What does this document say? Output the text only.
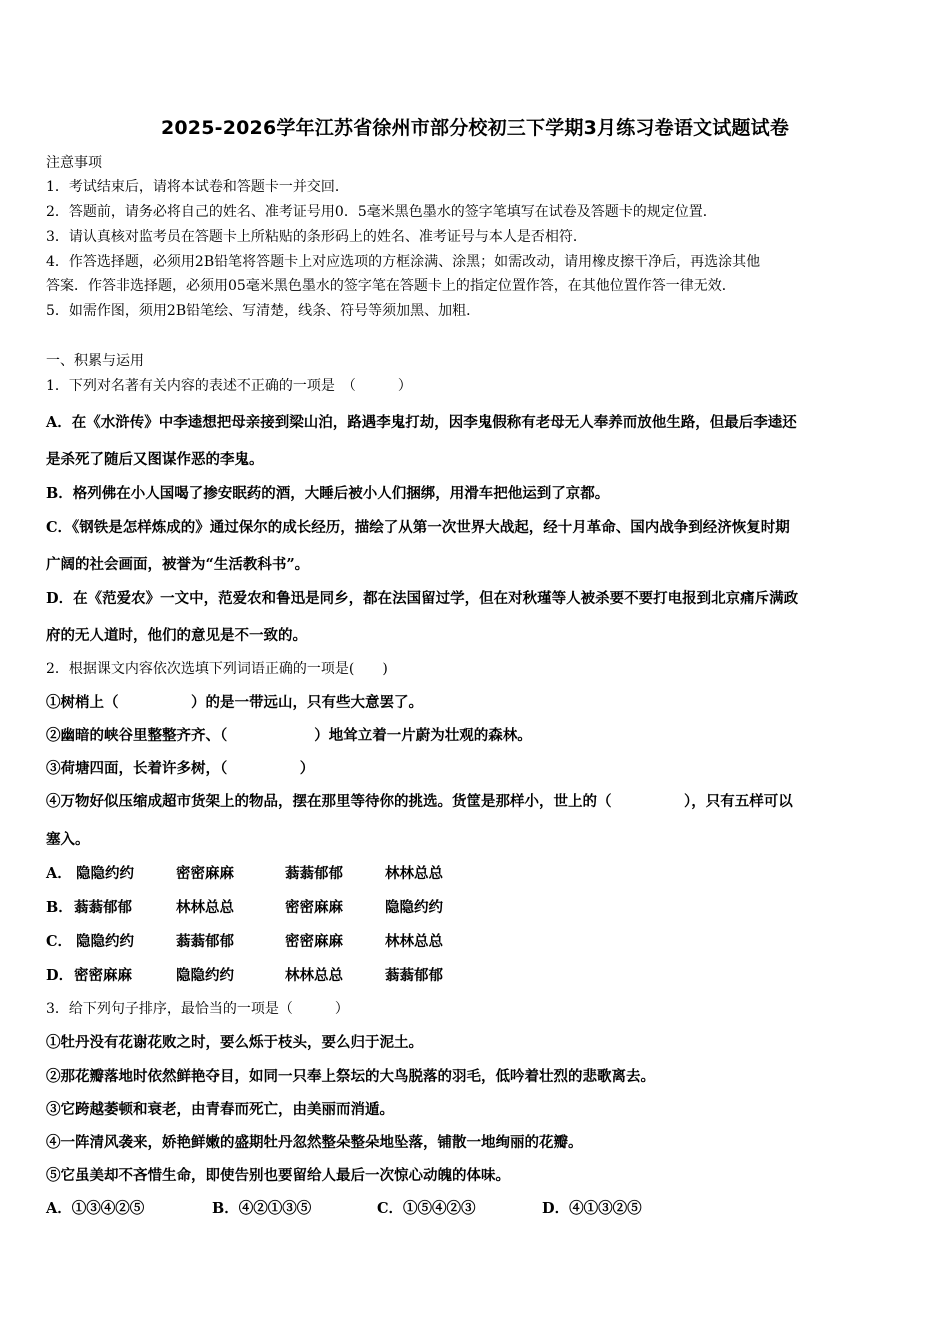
2025-2026学年江苏省徐州市部分校初三下学期3月练习卷语文试题试卷
注意事项
1．考试结束后，请将本试卷和答题卡一并交回．
2．答题前，请务必将自己的姓名、准考证号用0．5毫米黑色墨水的签字笔填写在试卷及答题卡的规定位置．
3．请认真核对监考员在答题卡上所粘贴的条形码上的姓名、准考证号与本人是否相符．
4．作答选择题，必须用2B铅笔将答题卡上对应选项的方框涂满、涂黑；如需改动，请用橡皮擦干净后，再选涂其他
答案．作答非选择题，必须用05毫米黑色墨水的签字笔在答题卡上的指定位置作答，在其他位置作答一律无效．
5．如需作图，须用2B铅笔绘、写清楚，线条、符号等须加黑、加粗．
一、积累与运用
1．下列对名著有关内容的表述不正确的一项是　（　　　）
A．在《水浒传》中李逵想把母亲接到梁山泊，路遇李鬼打劫，因李鬼假称有老母无人奉养而放他生路，但最后李逵还
是杀死了随后又图谋作恶的李鬼。
B．格列佛在小人国喝了掺安眠药的酒，大睡后被小人们捆绑，用滑车把他运到了京都。
C．《钢铁是怎样炼成的》通过保尔的成长经历，描绘了从第一次世界大战起，经十月革命、国内战争到经济恢复时期
广阔的社会画面，被誉为“生活教科书”。
D．在《范爱农》一文中，范爱农和鲁迅是同乡，都在法国留过学，但在对秋瑾等人被杀要不要打电报到北京痛斥满政
府的无人道时，他们的意见是不一致的。
2．根据课文内容依次选填下列词语正确的一项是(　　)
①树梢上（　　　　　）的是一带远山，只有些大意罢了。
②幽暗的峡谷里整整齐齐、（　　　　　　）地耸立着一片蔚为壮观的森林。
③荷塘四面，长着许多树，（　　　　　）
④万物好似压缩成超市货架上的物品，摆在那里等待你的挑选。货筐是那样小，世上的（　　　　　），只有五样可以
塞入。
A． 隐隐约约	密密麻麻	蓊蓊郁郁	林林总总
B． 蓊蓊郁郁	林林总总	密密麻麻	隐隐约约
C． 隐隐约约	蓊蓊郁郁	密密麻麻	林林总总
D． 密密麻麻	隐隐约约	林林总总	蓊蓊郁郁
3．给下列句子排序，最恰当的一项是（　　　）
①牡丹没有花谢花败之时，要么烁于枝头，要么归于泥土。
②那花瓣落地时依然鲜艳夺目，如同一只奉上祭坛的大鸟脱落的羽毛，低吟着壮烈的悲歌离去。
③它跨越萎顿和衰老，由青春而死亡，由美丽而消遁。
④一阵清风袭来，娇艳鲜嫩的盛期牡丹忽然整朵整朵地坠落，铺散一地绚丽的花瓣。
⑤它虽美却不吝惜生命，即使告别也要留给人最后一次惊心动魄的体味。
A．①③④②⑤	B．④②①③⑤	C．①⑤④②③	D．④①③②⑤
